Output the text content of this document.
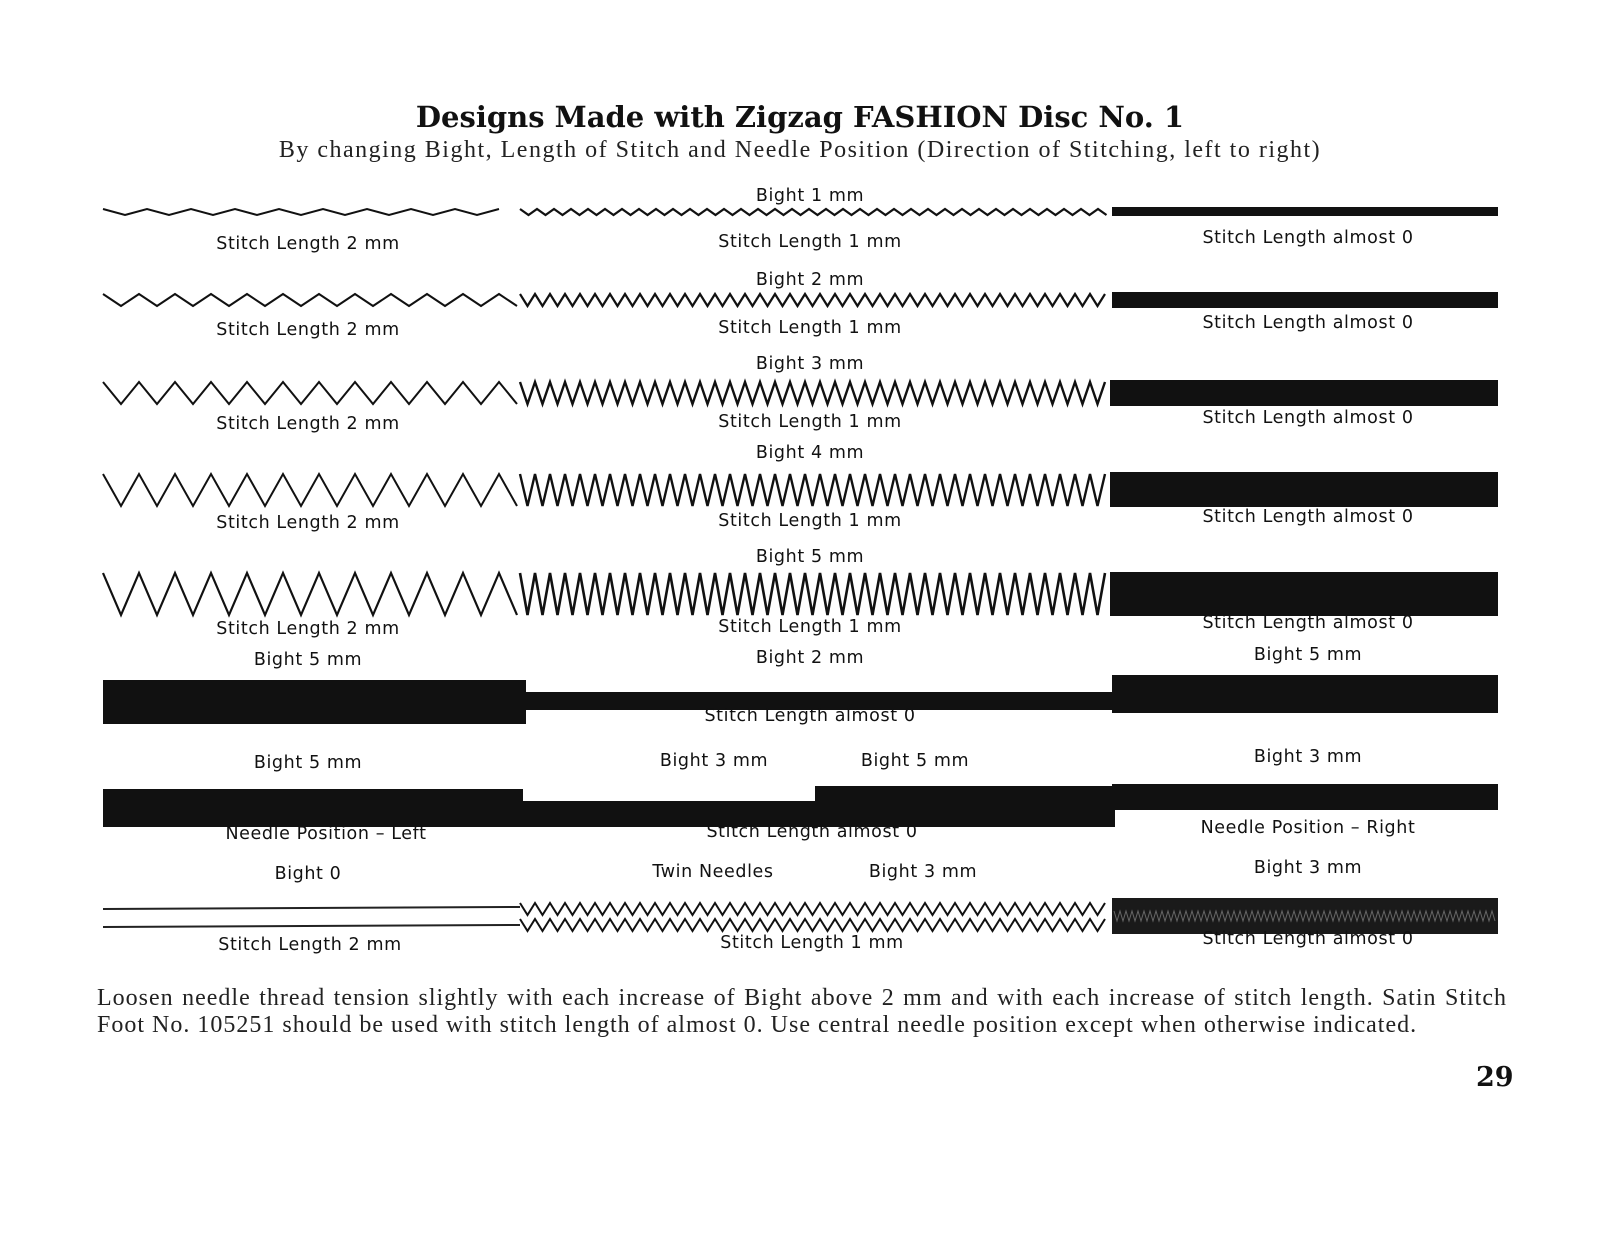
Designs Made with Zigzag FASHION Disc No. 1
By changing Bight, Length of Stitch and Needle Position (Direction of Stitching, left to right)
Bight 1 mm
Stitch Length 2 mm	Stitch Length 1 mm	Stitch Length almost 0
Bight 2 mm
Stitch Length 2 mm	Stitch Length 1 mm	Stitch Length almost 0
Bight 3 mm
Stitch Length 2 mm	Stitch Length 1 mm	Stitch Length almost 0
Bight 4 mm
Stitch Length 2 mm	Stitch Length 1 mm	Stitch Length almost 0
Bight 5 mm
Stitch Length 2 mm	Stitch Length 1 mm	Stitch Length almost 0
Bight 5 mm	Bight 2 mm	Bight 5 mm
Stitch Length almost 0
Bight 5 mm	Bight 3 mm	Bight 5 mm	Bight 3 mm
Needle Position – Left	Stitch Length almost 0	Needle Position – Right
Bight 0	Twin Needles	Bight 3 mm	Bight 3 mm
Stitch Length 2 mm	Stitch Length 1 mm	Stitch Length almost 0
Loosen needle thread tension slightly with each increase of Bight above 2 mm and with each increase of stitch length. Satin Stitch Foot No. 105251 should be used with stitch length of almost 0. Use central needle position except when otherwise indicated.
29
